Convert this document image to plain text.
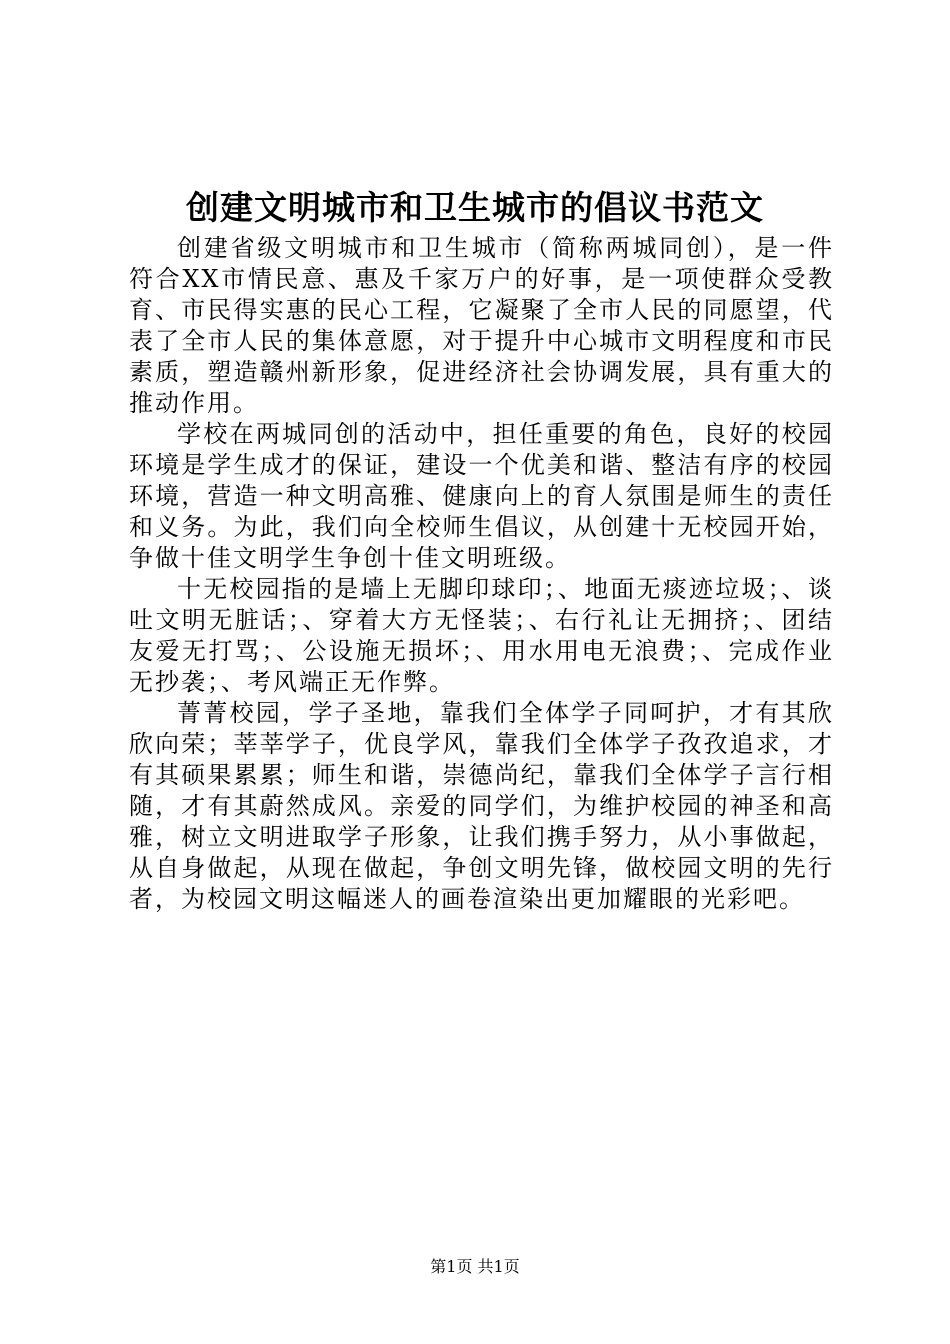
创建文明城市和卫生城市的倡议书范文

创建省级文明城市和卫生城市（简称两城同创），是一件符合XX市情民意、惠及千家万户的好事，是一项使群众受教育、市民得实惠的民心工程，它凝聚了全市人民的同愿望，代表了全市人民的集体意愿，对于提升中心城市文明程度和市民素质，塑造赣州新形象，促进经济社会协调发展，具有重大的推动作用。

学校在两城同创的活动中，担任重要的角色，良好的校园环境是学生成才的保证，建设一个优美和谐、整洁有序的校园环境，营造一种文明高雅、健康向上的育人氛围是师生的责任和义务。为此，我们向全校师生倡议，从创建十无校园开始，争做十佳文明学生争创十佳文明班级。

十无校园指的是墙上无脚印球印；、地面无痰迹垃圾；、谈吐文明无脏话；、穿着大方无怪装；、右行礼让无拥挤；、团结友爱无打骂；、公设施无损坏；、用水用电无浪费；、完成作业无抄袭；、考风端正无作弊。

菁菁校园，学子圣地，靠我们全体学子同呵护，才有其欣欣向荣；莘莘学子，优良学风，靠我们全体学子孜孜追求，才有其硕果累累；师生和谐，崇德尚纪，靠我们全体学子言行相随，才有其蔚然成风。亲爱的同学们，为维护校园的神圣和高雅，树立文明进取学子形象，让我们携手努力，从小事做起，从自身做起，从现在做起，争创文明先锋，做校园文明的先行者，为校园文明这幅迷人的画卷渲染出更加耀眼的光彩吧。

第1页 共1页
